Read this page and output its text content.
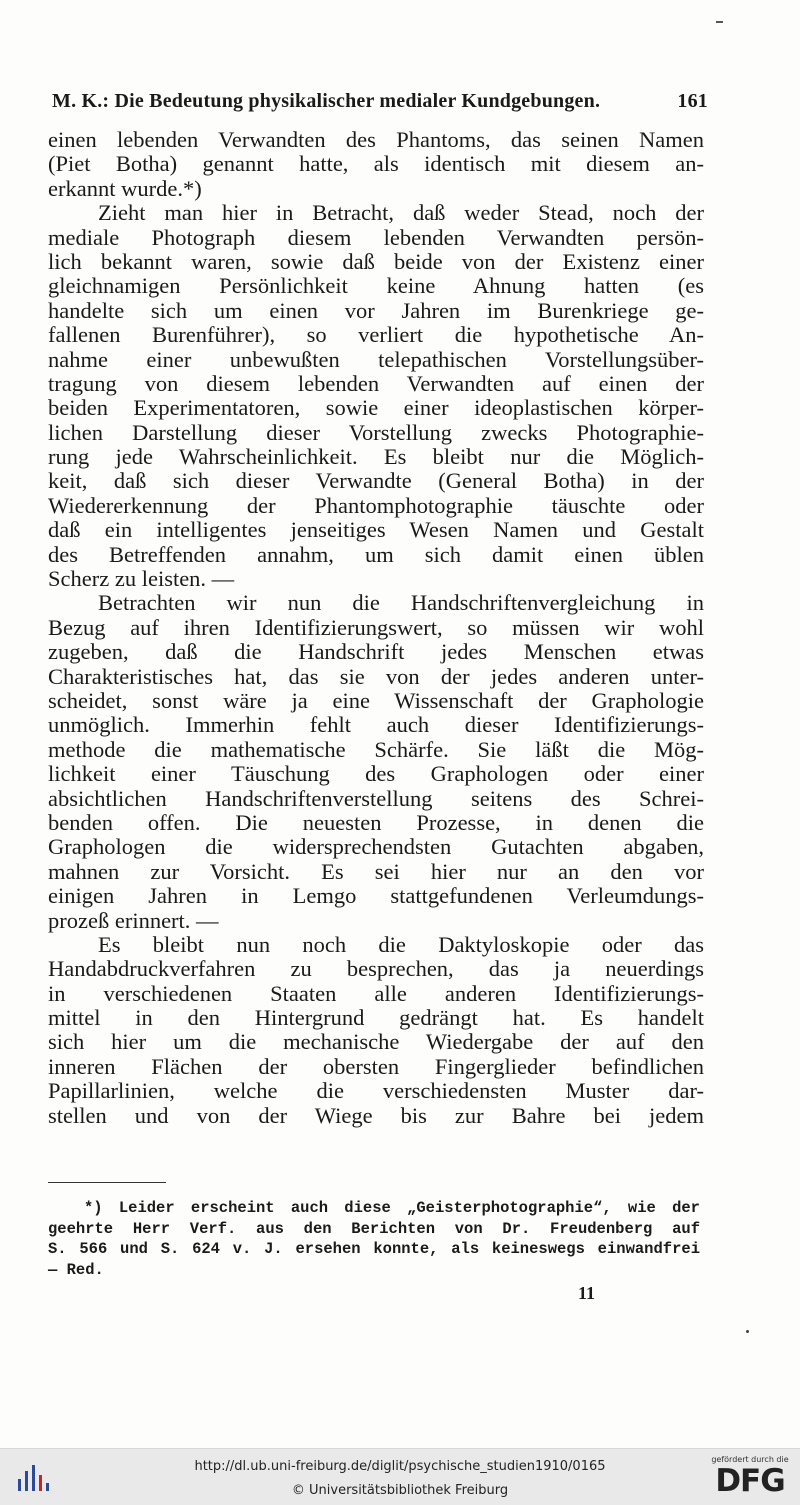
M. K.: Die Bedeutung physikalischer medialer Kundgebungen.	161
einen lebenden Verwandten des Phantoms, das seinen Namen
(Piet Botha) genannt hatte, als identisch mit diesem an-
erkannt wurde.*)
Zieht man hier in Betracht, daß weder Stead, noch der
mediale Photograph diesem lebenden Verwandten persön-
lich bekannt waren, sowie daß beide von der Existenz einer
gleichnamigen Persönlichkeit keine Ahnung hatten (es
handelte sich um einen vor Jahren im Burenkriege ge-
fallenen Burenführer), so verliert die hypothetische An-
nahme einer unbewußten telepathischen Vorstellungsüber-
tragung von diesem lebenden Verwandten auf einen der
beiden Experimentatoren, sowie einer ideoplastischen körper-
lichen Darstellung dieser Vorstellung zwecks Photographie-
rung jede Wahrscheinlichkeit. Es bleibt nur die Möglich-
keit, daß sich dieser Verwandte (General Botha) in der
Wiedererkennung der Phantomphotographie täuschte oder
daß ein intelligentes jenseitiges Wesen Namen und Gestalt
des Betreffenden annahm, um sich damit einen üblen
Scherz zu leisten. —
Betrachten wir nun die Handschriftenvergleichung in
Bezug auf ihren Identifizierungswert, so müssen wir wohl
zugeben, daß die Handschrift jedes Menschen etwas
Charakteristisches hat, das sie von der jedes anderen unter-
scheidet, sonst wäre ja eine Wissenschaft der Graphologie
unmöglich. Immerhin fehlt auch dieser Identifizierungs-
methode die mathematische Schärfe. Sie läßt die Mög-
lichkeit einer Täuschung des Graphologen oder einer
absichtlichen Handschriftenverstellung seitens des Schrei-
benden offen. Die neuesten Prozesse, in denen die
Graphologen die widersprechendsten Gutachten abgaben,
mahnen zur Vorsicht. Es sei hier nur an den vor
einigen Jahren in Lemgo stattgefundenen Verleumdungs-
prozeß erinnert. —
Es bleibt nun noch die Daktyloskopie oder das
Handabdruckverfahren zu besprechen, das ja neuerdings
in verschiedenen Staaten alle anderen Identifizierungs-
mittel in den Hintergrund gedrängt hat. Es handelt
sich hier um die mechanische Wiedergabe der auf den
inneren Flächen der obersten Fingerglieder befindlichen
Papillarlinien, welche die verschiedensten Muster dar-
stellen und von der Wiege bis zur Bahre bei jedem
*) Leider erscheint auch diese „Geisterphotographie“, wie der
geehrte Herr Verf. aus den Berichten von Dr. Freudenberg auf
S. 566 und S. 624 v. J. ersehen konnte, als keineswegs einwandfrei
— Red.
11
http://dl.ub.uni-freiburg.de/diglit/psychische_studien1910/0165
© Universitätsbibliothek Freiburg
gefördert durch die
DFG
